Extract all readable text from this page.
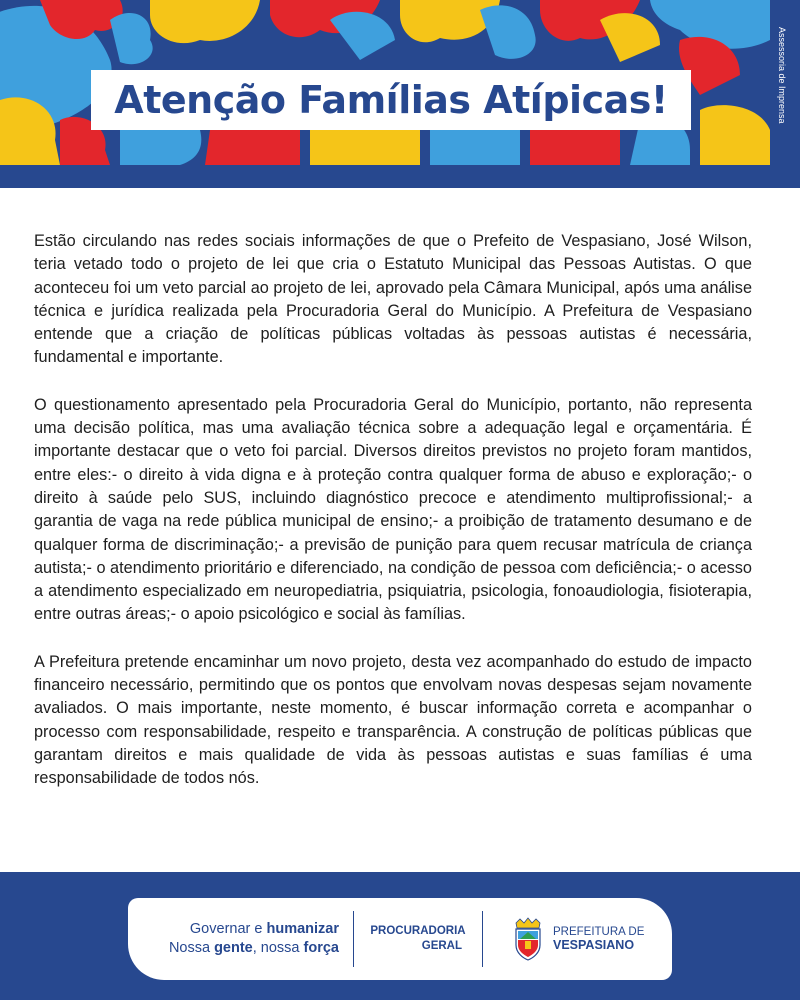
Atenção Famílias Atípicas!	Assessoria de Imprensa

Estão circulando nas redes sociais informações de que o Prefeito de Vespasiano, José Wilson, teria vetado todo o projeto de lei que cria o Estatuto Municipal das Pessoas Autistas. O que aconteceu foi um veto parcial ao projeto de lei, aprovado pela Câmara Municipal, após uma análise técnica e jurídica realizada pela Procuradoria Geral do Município. A Prefeitura de Vespasiano entende que a criação de políticas públicas voltadas às pessoas autistas é necessária, fundamental e importante.

O questionamento apresentado pela Procuradoria Geral do Município, portanto, não representa uma decisão política, mas uma avaliação técnica sobre a adequação legal e orçamentária. É importante destacar que o veto foi parcial. Diversos direitos previstos no projeto foram mantidos, entre eles:- o direito à vida digna e à proteção contra qualquer forma de abuso e exploração;- o direito à saúde pelo SUS, incluindo diagnóstico precoce e atendimento multiprofissional;- a garantia de vaga na rede pública municipal de ensino;- a proibição de tratamento desumano e de qualquer forma de discriminação;- a previsão de punição para quem recusar matrícula de criança autista;- o atendimento prioritário e diferenciado, na condição de pessoa com deficiência;- o acesso a atendimento especializado em neuropediatria, psiquiatria, psicologia, fonoaudiologia, fisioterapia, entre outras áreas;- o apoio psicológico e social às famílias.

A Prefeitura pretende encaminhar um novo projeto, desta vez acompanhado do estudo de impacto financeiro necessário, permitindo que os pontos que envolvam novas despesas sejam novamente avaliados. O mais importante, neste momento, é buscar informação correta e acompanhar o processo com responsabilidade, respeito e transparência. A construção de políticas públicas que garantam direitos e mais qualidade de vida às pessoas autistas e suas famílias é uma responsabilidade de todos nós.

Governar e humanizar
Nossa gente, nossa força
PROCURADORIA
GERAL
PREFEITURA DE
VESPASIANO
